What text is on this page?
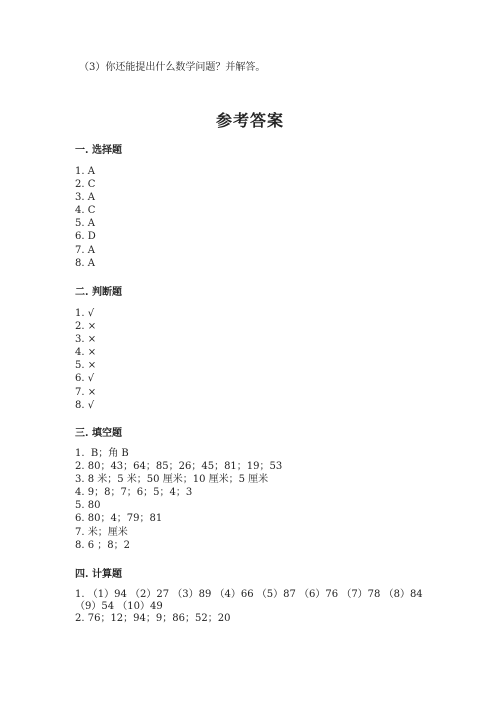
（3）你还能提出什么数学问题？并解答。
参考答案
一. 选择题
1. A
2. C
3. A
4. C
5. A
6. D
7. A
8. A
二. 判断题
1. √
2. ×
3. ×
4. ×
5. ×
6. √
7. ×
8. √
三. 填空题
1.  B；角 B
2. 80；43；64；85；26；45；81；19；53
3. 8 米；5 米；50 厘米；10 厘米；5 厘米
4. 9；8；7；6；5；4；3
5. 80
6. 80；4；79；81
7. 米；厘米
8. 6 ；8；2
四. 计算题
1. （1）94 （2）27 （3）89 （4）66 （5）87 （6）76 （7）78 （8）84
（9）54 （10）49
2. 76；12；94；9；86；52；20
